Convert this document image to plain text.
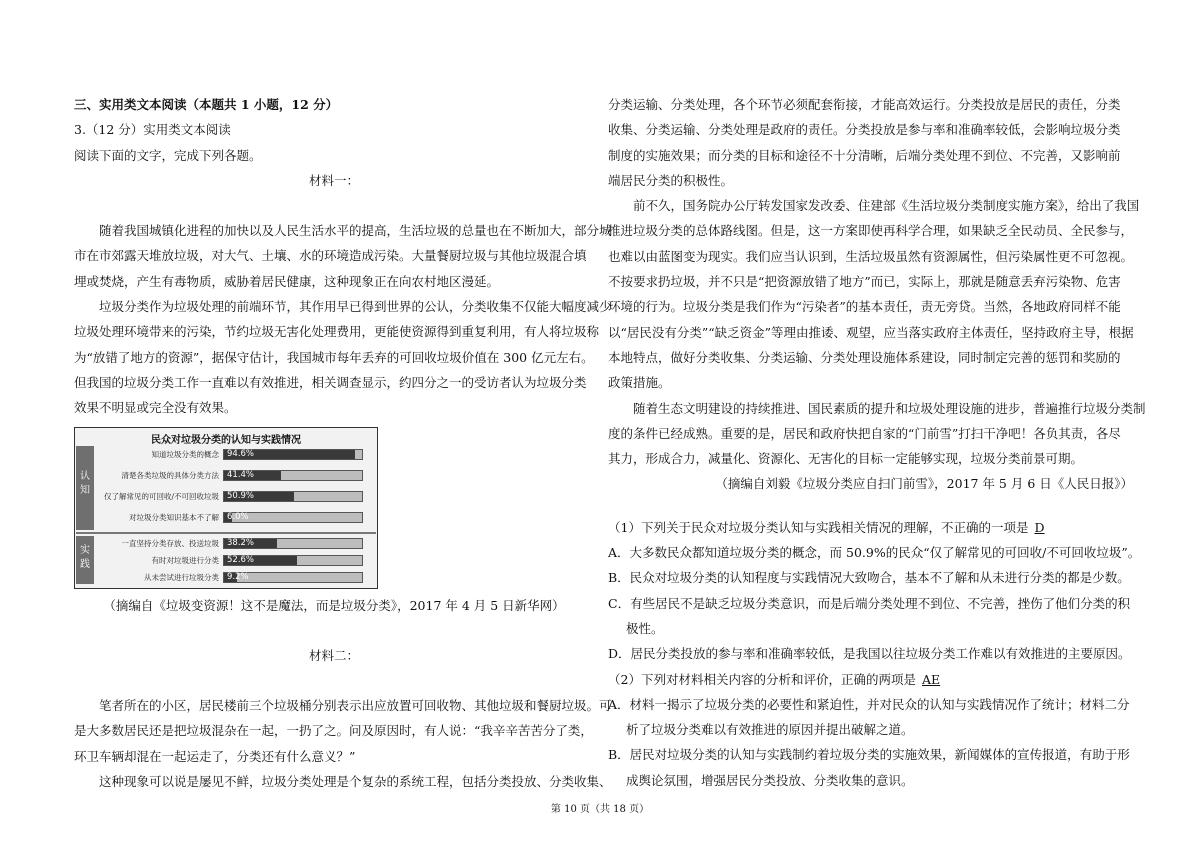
三、实用类文本阅读（本题共 1 小题，12 分）
3.（12 分）实用类文本阅读
阅读下面的文字，完成下列各题。
材料一：
随着我国城镇化进程的加快以及人民生活水平的提高，生活垃圾的总量也在不断加大，部分城
市在市郊露天堆放垃圾，对大气、土壤、水的环境造成污染。大量餐厨垃圾与其他垃圾混合填
埋或焚烧，产生有毒物质，威胁着居民健康，这种现象正在向农村地区漫延。
垃圾分类作为垃圾处理的前端环节，其作用早已得到世界的公认，分类收集不仅能大幅度减少
垃圾处理环境带来的污染，节约垃圾无害化处理费用，更能使资源得到重复利用，有人将垃圾称
为“放错了地方的资源”，据保守估计，我国城市每年丢弃的可回收垃圾价值在 300 亿元左右。
但我国的垃圾分类工作一直难以有效推进，相关调查显示，约四分之一的受访者认为垃圾分类
效果不明显或完全没有效果。
民众对垃圾分类的认知与实践情况
认
知
实
践
知道垃圾分类的概念 94.6%
清楚各类垃圾的具体分类方法 41.4%
仅了解常见的可回收/不可回收垃圾 50.9%
对垃圾分类知识基本不了解 6.0%
一直坚持分类存放、投送垃圾 38.2%
有时对垃圾进行分类 52.6%
从未尝试进行垃圾分类 9.2%
（摘编自《垃圾变资源！这不是魔法，而是垃圾分类》，2017 年 4 月 5 日新华网）
材料二：
笔者所在的小区，居民楼前三个垃圾桶分别表示出应放置可回收物、其他垃圾和餐厨垃圾。可
是大多数居民还是把垃圾混杂在一起，一扔了之。问及原因时，有人说：“我辛辛苦苦分了类，
环卫车辆却混在一起运走了，分类还有什么意义？”
这种现象可以说是屡见不鲜，垃圾分类处理是个复杂的系统工程，包括分类投放、分类收集、
分类运输、分类处理，各个环节必须配套衔接，才能高效运行。分类投放是居民的责任，分类
收集、分类运输、分类处理是政府的责任。分类投放是参与率和准确率较低，会影响垃圾分类
制度的实施效果；而分类的目标和途径不十分清晰，后端分类处理不到位、不完善，又影响前
端居民分类的积极性。
前不久，国务院办公厅转发国家发改委、住建部《生活垃圾分类制度实施方案》，给出了我国
推进垃圾分类的总体路线图。但是，这一方案即使再科学合理，如果缺乏全民动员、全民参与，
也难以由蓝图变为现实。我们应当认识到，生活垃圾虽然有资源属性，但污染属性更不可忽视。
不按要求扔垃圾，并不只是“把资源放错了地方”而已，实际上，那就是随意丢弃污染物、危害
环境的行为。垃圾分类是我们作为“污染者”的基本责任，责无旁贷。当然，各地政府同样不能
以“居民没有分类”“缺乏资金”等理由推诿、观望，应当落实政府主体责任，坚持政府主导，根据
本地特点，做好分类收集、分类运输、分类处理设施体系建设，同时制定完善的惩罚和奖励的
政策措施。
随着生态文明建设的持续推进、国民素质的提升和垃圾处理设施的进步，普遍推行垃圾分类制
度的条件已经成熟。重要的是，居民和政府快把自家的“门前雪”打扫干净吧！各负其责，各尽
其力，形成合力，减量化、资源化、无害化的目标一定能够实现，垃圾分类前景可期。
（摘编自刘毅《垃圾分类应自扫门前雪》，2017 年 5 月 6 日《人民日报》）
（1）下列关于民众对垃圾分类认知与实践相关情况的理解，不正确的一项是 D
A．大多数民众都知道垃圾分类的概念，而 50.9%的民众“仅了解常见的可回收/不可回收垃圾”。
B．民众对垃圾分类的认知程度与实践情况大致吻合，基本不了解和从未进行分类的都是少数。
C．有些居民不是缺乏垃圾分类意识，而是后端分类处理不到位、不完善，挫伤了他们分类的积极性。
D．居民分类投放的参与率和准确率较低，是我国以往垃圾分类工作难以有效推进的主要原因。
（2）下列对材料相关内容的分析和评价，正确的两项是 AE
A．材料一揭示了垃圾分类的必要性和紧迫性，并对民众的认知与实践情况作了统计；材料二分析了垃圾分类难以有效推进的原因并提出破解之道。
B．居民对垃圾分类的认知与实践制约着垃圾分类的实施效果，新闻媒体的宣传报道，有助于形成舆论氛围，增强居民分类投放、分类收集的意识。
第 10 页（共 18 页）
